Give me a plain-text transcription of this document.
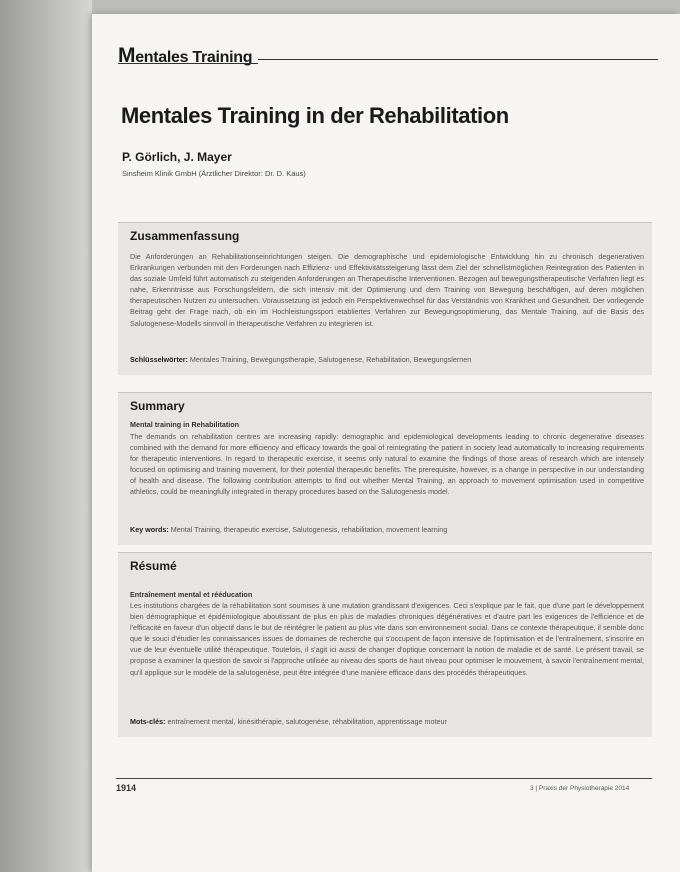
Mentales Training
Mentales Training in der Rehabilitation
P. Görlich, J. Mayer
Sinsheim Klinik GmbH (Ärztlicher Direktor: Dr. D. Kaus)
Zusammenfassung
Die Anforderungen an Rehabilitationseinrichtungen steigen. Die demographische und epidemiologische Entwicklung hin zu chronisch degenerativen Erkrankungen verbunden mit den Forderungen nach Effizienz- und Effektivitätssteigerung lässt dem Ziel der schnellstmöglichen Reintegration des Patienten in das soziale Umfeld führt automatisch zu steigenden Anforderungen an Therapeutische Interventionen. Bezogen auf bewegungstherapeutische Verfahren liegt es nahe, Erkenntnisse aus Forschungsfeldern, die sich intensiv mit der Optimierung und dem Training von Bewegung beschäftigen, auf deren möglichen therapeutischen Nutzen zu untersuchen. Voraussetzung ist jedoch ein Perspektivenwechsel für das Verständnis von Krankheit und Gesundheit. Der vorliegende Beitrag geht der Frage nach, ob ein im Hochleistungssport etabliertes Verfahren zur Bewegungsoptimierung, das Mentale Training, auf die Basis des Salutogenese-Modells sinnvoll in therapeutische Verfahren zu integrieren ist.
Schlüsselwörter: Mentales Training, Bewegungstherapie, Salutogenese, Rehabilitation, Bewegungslernen
Summary
Mental training in Rehabilitation
The demands on rehabilitation centres are increasing rapidly: demographic and epidemiological developments leading to chronic degenerative diseases combined with the demand for more efficiency and efficacy towards the goal of reintegrating the patient in society lead automatically to increasing requirements for therapeutic interventions. In regard to therapeutic exercise, it seems only natural to examine the findings of those areas of research which are intensely focused on optimising and training movement, for their potential therapeutic benefits. The prerequisite, however, is a change in perspective in our understanding of health and disease. The following contribution attempts to find out whether Mental Training, an approach to movement optimisation used in competitive athletics, could be meaningfully integrated in therapy procedures based on the Salutogenesis model.
Key words: Mental Training, therapeutic exercise, Salutogenesis, rehabilitation, movement learning
Résumé
Entraînement mental et rééducation
Les institutions chargées de la réhabilitation sont soumises à une mutation grandissant d'exigences. Ceci s'explique par le fait, que d'une part le développement bien démographique et épidémiologique aboutissant de plus en plus de maladies chroniques dégénératives et d'autre part les exigences de l'efficience et de l'efficacité en faveur d'un objectif dans le but de réintégrer le patient au plus vite dans son environnement social. Dans ce contexte thérapeutique, il semble donc que le souci d'étudier les connaissances issues de domaines de recherche qui s'occupent de façon intensive de l'optimisation et de l'entraînement, s'inscrire en vue de leur éventuelle utilité thérapeutique. Toutefois, il s'agit ici aussi de changer d'optique concernant la notion de maladie et de santé. Le présent travail, se propose à examiner la question de savoir si l'approche utilisée au niveau des sports de haut niveau pour optimiser le mouvement, à savoir l'entraînement mental, qu'il applique sur le modèle de la salutogenèse, peut être intégrée d'une manière efficace dans des procédés thérapeutiques.
Mots-clés: entraînement mental, kinésithérapie, salutogenèse, réhabilitation, apprentissage moteur
1914	3 | Praxis der Physiotherapie 2014
